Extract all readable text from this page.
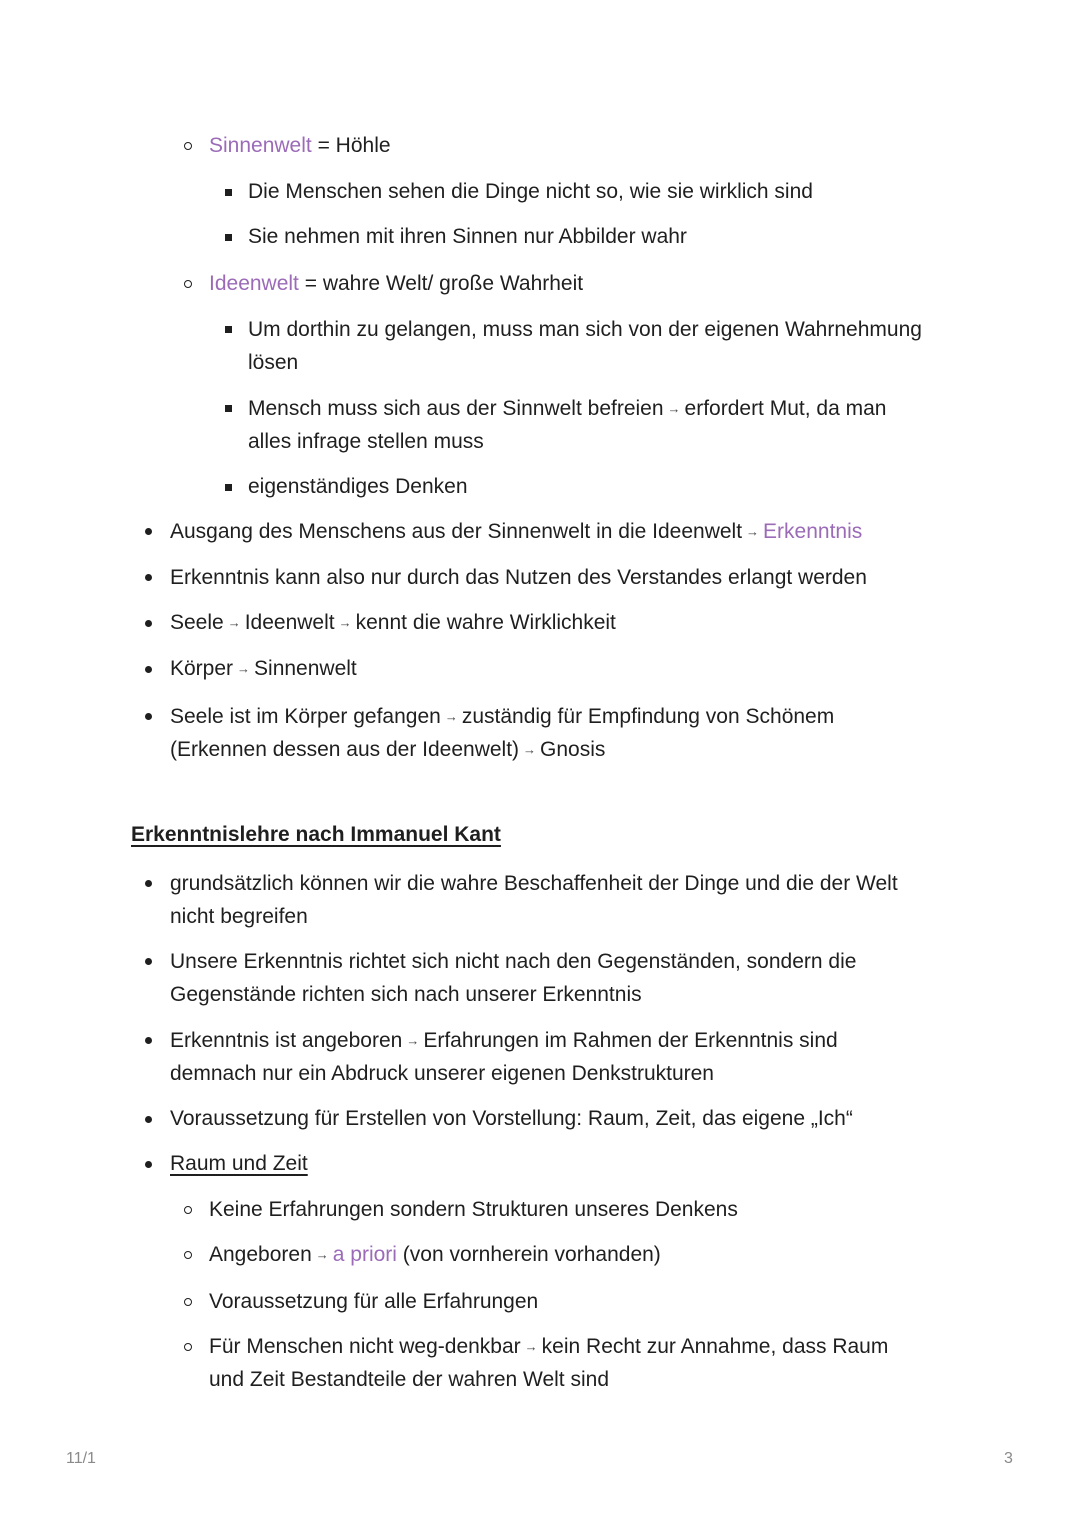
Sinnenwelt = Höhle
Die Menschen sehen die Dinge nicht so, wie sie wirklich sind
Sie nehmen mit ihren Sinnen nur Abbilder wahr
Ideenwelt = wahre Welt/ große Wahrheit
Um dorthin zu gelangen, muss man sich von der eigenen Wahrnehmung
lösen
Mensch muss sich aus der Sinnwelt befreien → erfordert Mut, da man
alles infrage stellen muss
eigenständiges Denken
Ausgang des Menschens aus der Sinnenwelt in die Ideenwelt → Erkenntnis
Erkenntnis kann also nur durch das Nutzen des Verstandes erlangt werden
Seele → Ideenwelt → kennt die wahre Wirklichkeit
Körper → Sinnenwelt
Seele ist im Körper gefangen → zuständig für Empfindung von Schönem
(Erkennen dessen aus der Ideenwelt) → Gnosis
Erkenntnislehre nach Immanuel Kant
grundsätzlich können wir die wahre Beschaffenheit der Dinge und die der Welt
nicht begreifen
Unsere Erkenntnis richtet sich nicht nach den Gegenständen, sondern die
Gegenstände richten sich nach unserer Erkenntnis
Erkenntnis ist angeboren → Erfahrungen im Rahmen der Erkenntnis sind
demnach nur ein Abdruck unserer eigenen Denkstrukturen
Voraussetzung für Erstellen von Vorstellung: Raum, Zeit, das eigene „Ich“
Raum und Zeit
Keine Erfahrungen sondern Strukturen unseres Denkens
Angeboren → a priori (von vornherein vorhanden)
Voraussetzung für alle Erfahrungen
Für Menschen nicht weg-denkbar → kein Recht zur Annahme, dass Raum
und Zeit Bestandteile der wahren Welt sind
11/1	3
